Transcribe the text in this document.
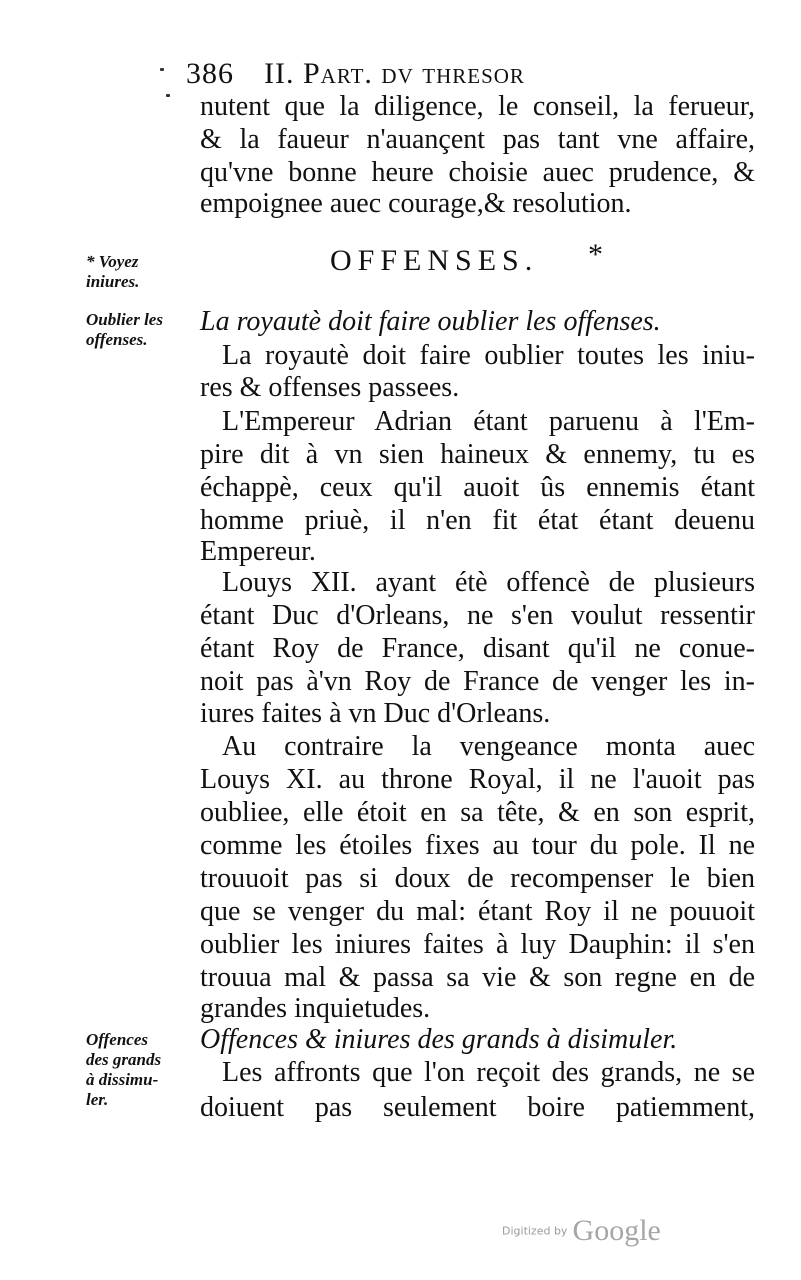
386 II. Part. dv thresor
nutent que la diligence, le conseil, la ferueur,
& la faueur n'auançent pas tant vne affaire,
qu'vne bonne heure choisie auec prudence, &
empoignee auec courage,& resolution.
OFFENSES. *
* Voyez
iniures.
Oublier les
offenses.
Offences
des grands
à dissimu-
ler.
La royautè doit faire oublier les offenses.
La royautè doit faire oublier toutes les iniu-
res & offenses passees.
L'Empereur Adrian étant paruenu à l'Em-
pire dit à vn sien haineux & ennemy, tu es
échappè, ceux qu'il auoit ûs ennemis étant
homme priuè, il n'en fit état étant deuenu
Empereur.
Louys XII. ayant étè offencè de plusieurs
étant Duc d'Orleans, ne s'en voulut ressentir
étant Roy de France, disant qu'il ne conue-
noit pas à'vn Roy de France de venger les in-
iures faites à vn Duc d'Orleans.
Au contraire la vengeance monta auec
Louys XI. au throne Royal, il ne l'auoit pas
oubliee, elle étoit en sa tête, & en son esprit,
comme les étoiles fixes au tour du pole. Il ne
trouuoit pas si doux de recompenser le bien
que se venger du mal: étant Roy il ne pouuoit
oublier les iniures faites à luy Dauphin: il s'en
trouua mal & passa sa vie & son regne en de
grandes inquietudes.
Offences & iniures des grands à disimuler.
Les affronts que l'on reçoit des grands, ne se
doiuent pas seulement boire patiemment,
Digitized by Google
